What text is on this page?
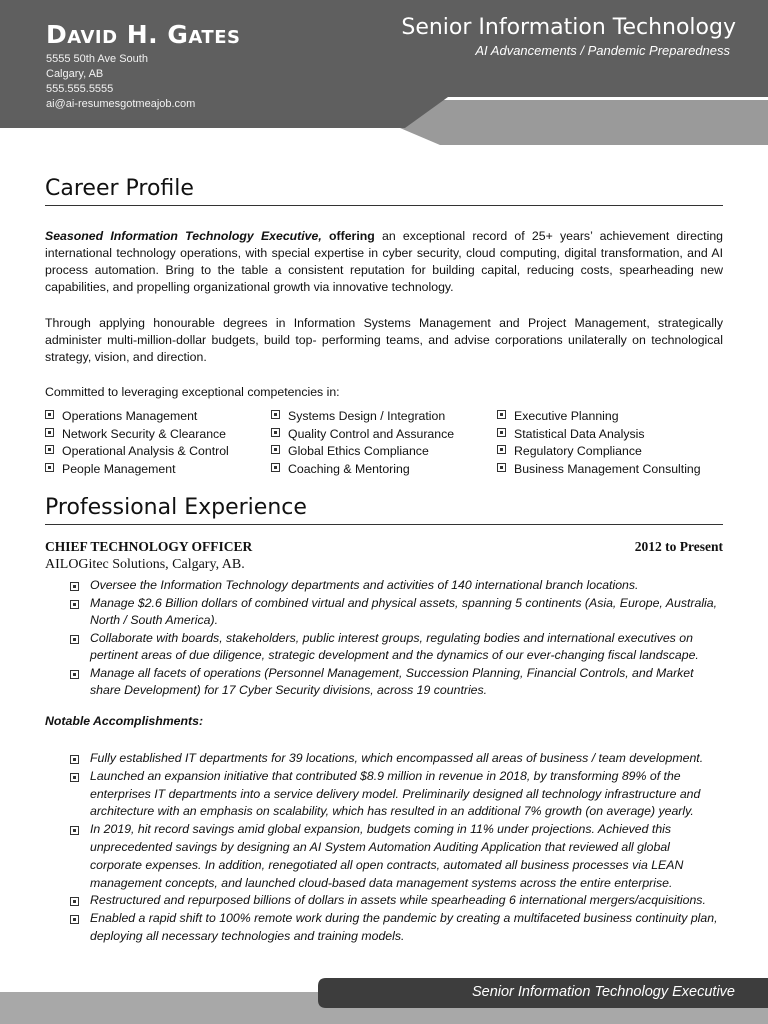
David H. Gates
5555 50th Ave South
Calgary, AB
555.555.5555
ai@ai-resumesgotmeajob.com
Senior Information Technology
AI Advancements / Pandemic Preparedness
Career Profile
Seasoned Information Technology Executive, offering an exceptional record of 25+ years’ achievement directing international technology operations, with special expertise in cyber security, cloud computing, digital transformation, and AI process automation. Bring to the table a consistent reputation for building capital, reducing costs, spearheading new capabilities, and propelling organizational growth via innovative technology.
Through applying honourable degrees in Information Systems Management and Project Management, strategically administer multi-million-dollar budgets, build top- performing teams, and advise corporations unilaterally on technological strategy, vision, and direction.
Committed to leveraging exceptional competencies in:
Operations Management
Network Security & Clearance
Operational Analysis & Control
People Management
Systems Design / Integration
Quality Control and Assurance
Global Ethics Compliance
Coaching & Mentoring
Executive Planning
Statistical Data Analysis
Regulatory Compliance
Business Management Consulting
Professional Experience
CHIEF TECHNOLOGY OFFICER	2012 to Present
AILOGitec Solutions, Calgary, AB.
Oversee the Information Technology departments and activities of 140 international branch locations.
Manage $2.6 Billion dollars of combined virtual and physical assets, spanning 5 continents (Asia, Europe, Australia, North / South America).
Collaborate with boards, stakeholders, public interest groups, regulating bodies and international executives on pertinent areas of due diligence, strategic development and the dynamics of our ever-changing fiscal landscape.
Manage all facets of operations (Personnel Management, Succession Planning, Financial Controls, and Market share Development) for 17 Cyber Security divisions, across 19 countries.
Notable Accomplishments:
Fully established IT departments for 39 locations, which encompassed all areas of business / team development.
Launched an expansion initiative that contributed $8.9 million in revenue in 2018, by transforming 89% of the enterprises IT departments into a service delivery model. Preliminarily designed all technology infrastructure and architecture with an emphasis on scalability, which has resulted in an additional 7% growth (on average) yearly.
In 2019, hit record savings amid global expansion, budgets coming in 11% under projections. Achieved this unprecedented savings by designing an AI System Automation Auditing Application that reviewed all global corporate expenses. In addition, renegotiated all open contracts, automated all business processes via LEAN management concepts, and launched cloud-based data management systems across the entire enterprise.
Restructured and repurposed billions of dollars in assets while spearheading 6 international mergers/acquisitions.
Enabled a rapid shift to 100% remote work during the pandemic by creating a multifaceted business continuity plan, deploying all necessary technologies and training models.
Senior Information Technology Executive
